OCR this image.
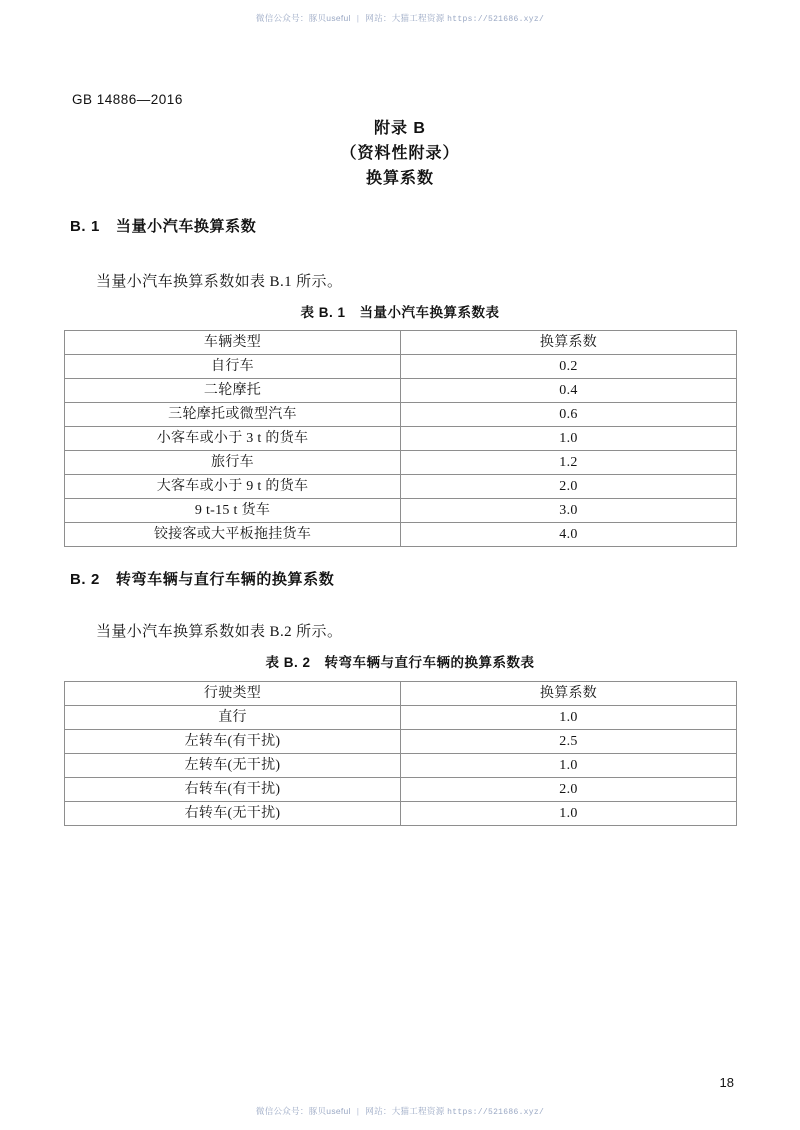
微信公众号：豚贝useful | 网站：大猫工程资源 https://521686.xyz/
GB 14886—2016
附录 B
（资料性附录）
换算系数
B. 1 当量小汽车换算系数
当量小汽车换算系数如表 B.1 所示。
表 B. 1 当量小汽车换算系数表
车辆类型	换算系数
自行车	0.2
二轮摩托	0.4
三轮摩托或微型汽车	0.6
小客车或小于 3 t 的货车	1.0
旅行车	1.2
大客车或小于 9 t 的货车	2.0
9 t-15 t 货车	3.0
铰接客或大平板拖挂货车	4.0
B. 2 转弯车辆与直行车辆的换算系数
当量小汽车换算系数如表 B.2 所示。
表 B. 2 转弯车辆与直行车辆的换算系数表
行驶类型	换算系数
直行	1.0
左转车(有干扰)	2.5
左转车(无干扰)	1.0
右转车(有干扰)	2.0
右转车(无干扰)	1.0
18
微信公众号：豚贝useful | 网站：大猫工程资源 https://521686.xyz/
